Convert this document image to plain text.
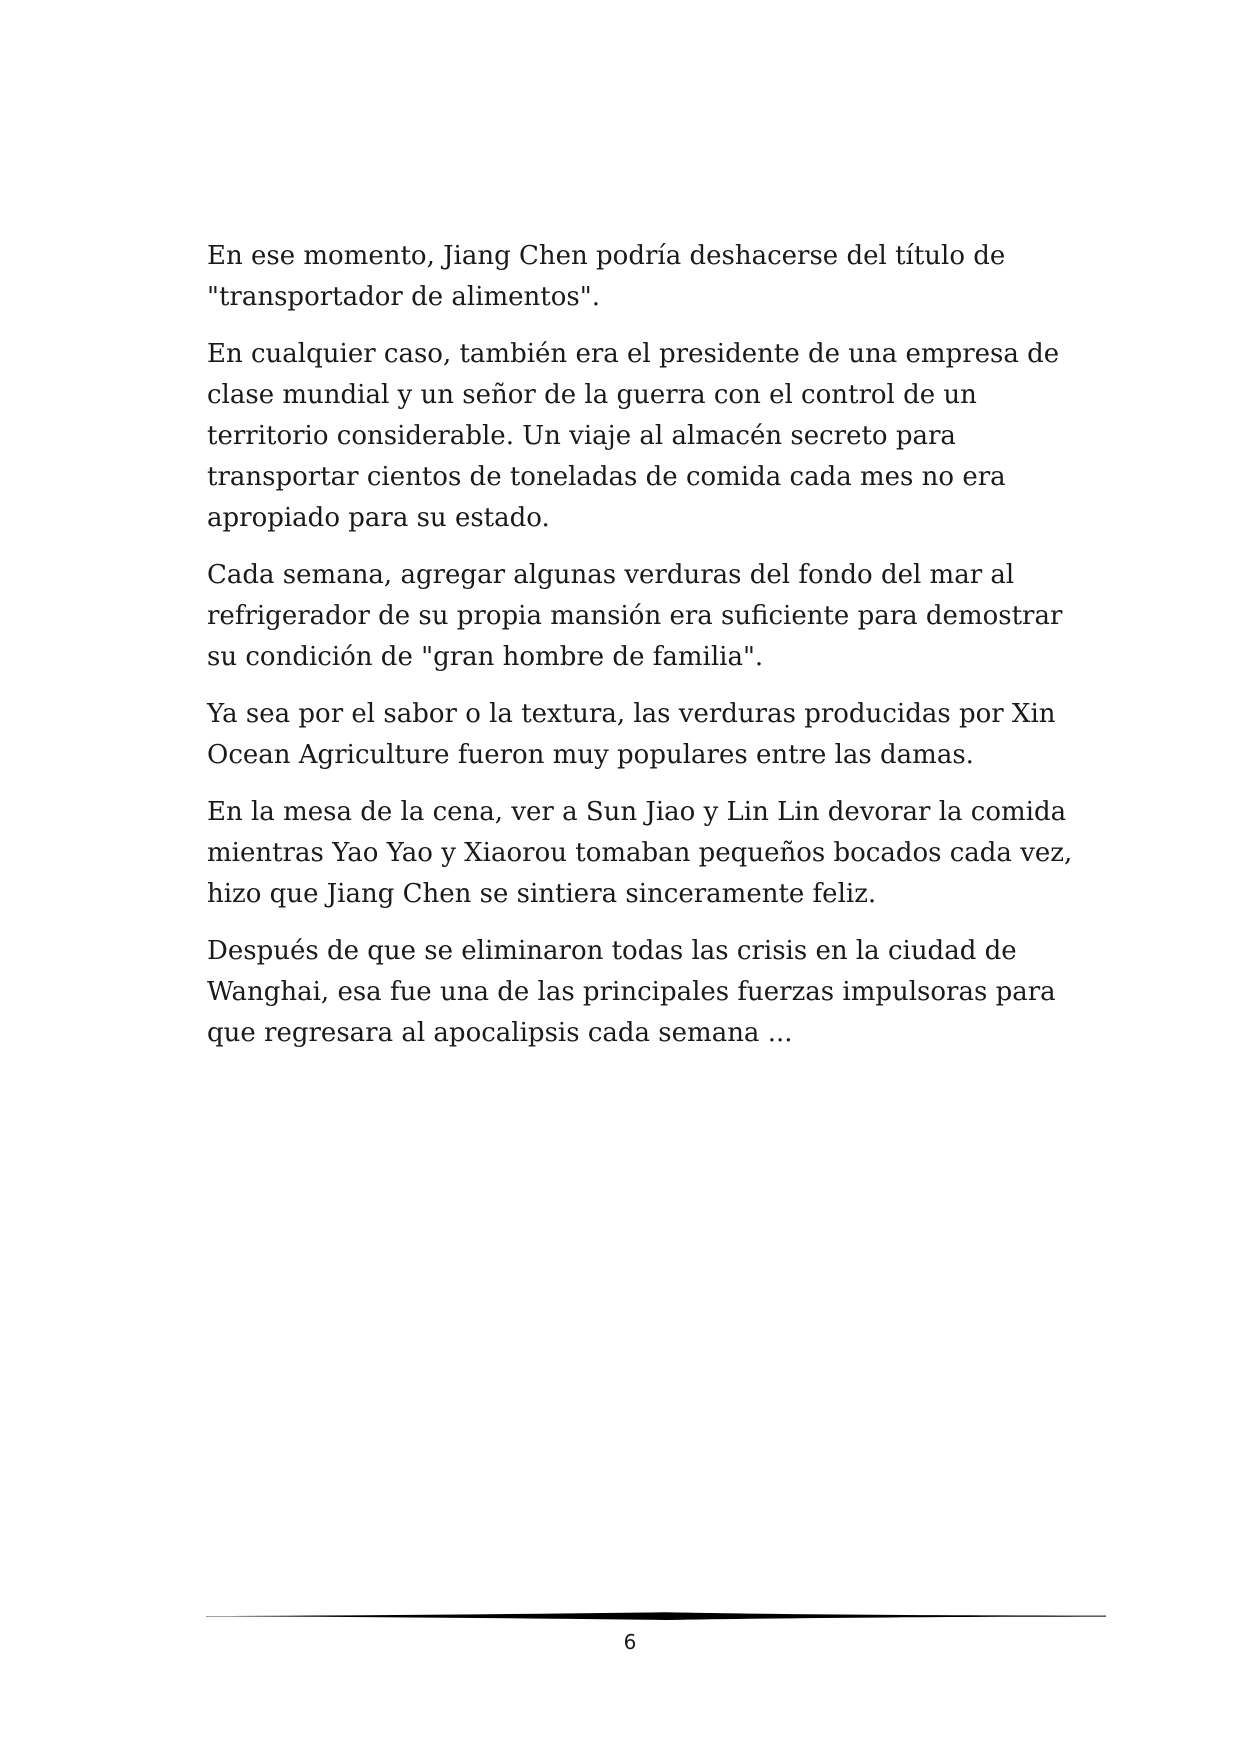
En ese momento, Jiang Chen podría deshacerse del título de "transportador de alimentos".

En cualquier caso, también era el presidente de una empresa de clase mundial y un señor de la guerra con el control de un territorio considerable. Un viaje al almacén secreto para transportar cientos de toneladas de comida cada mes no era apropiado para su estado.

Cada semana, agregar algunas verduras del fondo del mar al refrigerador de su propia mansión era suficiente para demostrar su condición de "gran hombre de familia".

Ya sea por el sabor o la textura, las verduras producidas por Xin Ocean Agriculture fueron muy populares entre las damas.

En la mesa de la cena, ver a Sun Jiao y Lin Lin devorar la comida mientras Yao Yao y Xiaorou tomaban pequeños bocados cada vez, hizo que Jiang Chen se sintiera sinceramente feliz.

Después de que se eliminaron todas las crisis en la ciudad de Wanghai, esa fue una de las principales fuerzas impulsoras para que regresara al apocalipsis cada semana ...

6
